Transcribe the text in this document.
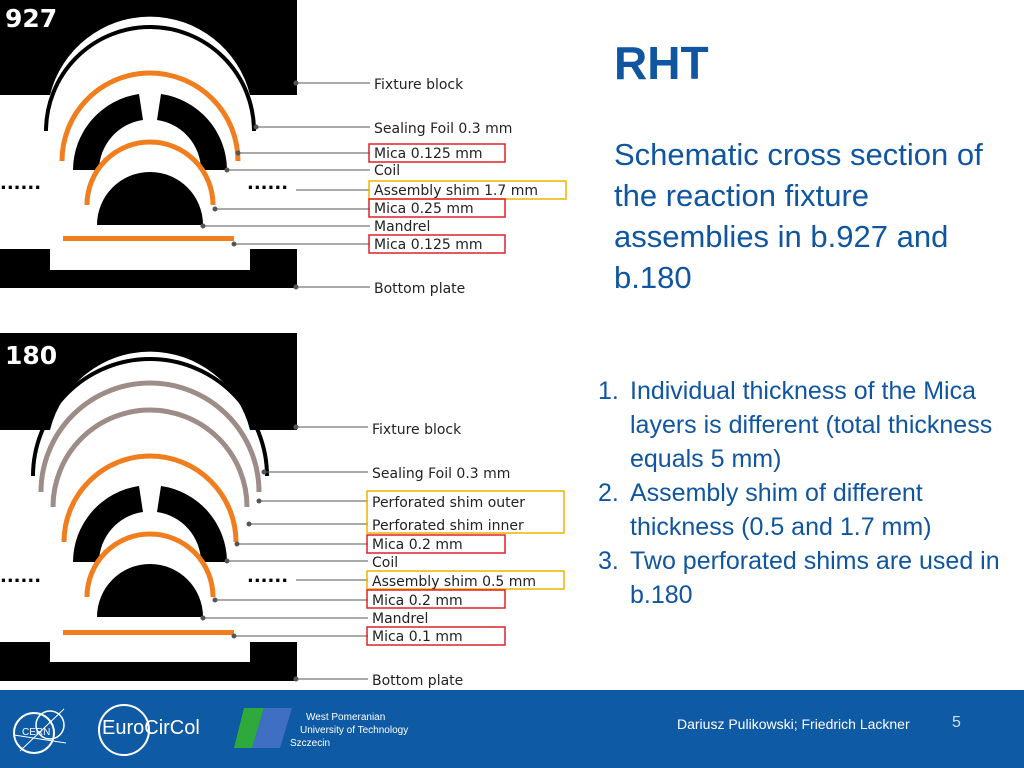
927
......	......
Fixture block
Sealing Foil 0.3 mm
Mica 0.125 mm
Coil
Assembly shim 1.7 mm
Mica 0.25 mm
Mandrel
Mica 0.125 mm
Bottom plate
180
......	......
Fixture block
Sealing Foil 0.3 mm
Perforated shim outer
Perforated shim inner
Mica 0.2 mm
Coil
Assembly shim 0.5 mm
Mica 0.2 mm
Mandrel
Mica 0.1 mm
Bottom plate
RHT
Schematic cross section of the reaction fixture assemblies in b.927 and b.180
1. Individual thickness of the Mica layers is different (total thickness equals 5 mm)
2. Assembly shim of different thickness (0.5 and 1.7 mm)
3. Two perforated shims are used in b.180
CERN	EuroCirCol	West Pomeranian
University of Technology
Szczecin
Dariusz Pulikowski; Friedrich Lackner	5
